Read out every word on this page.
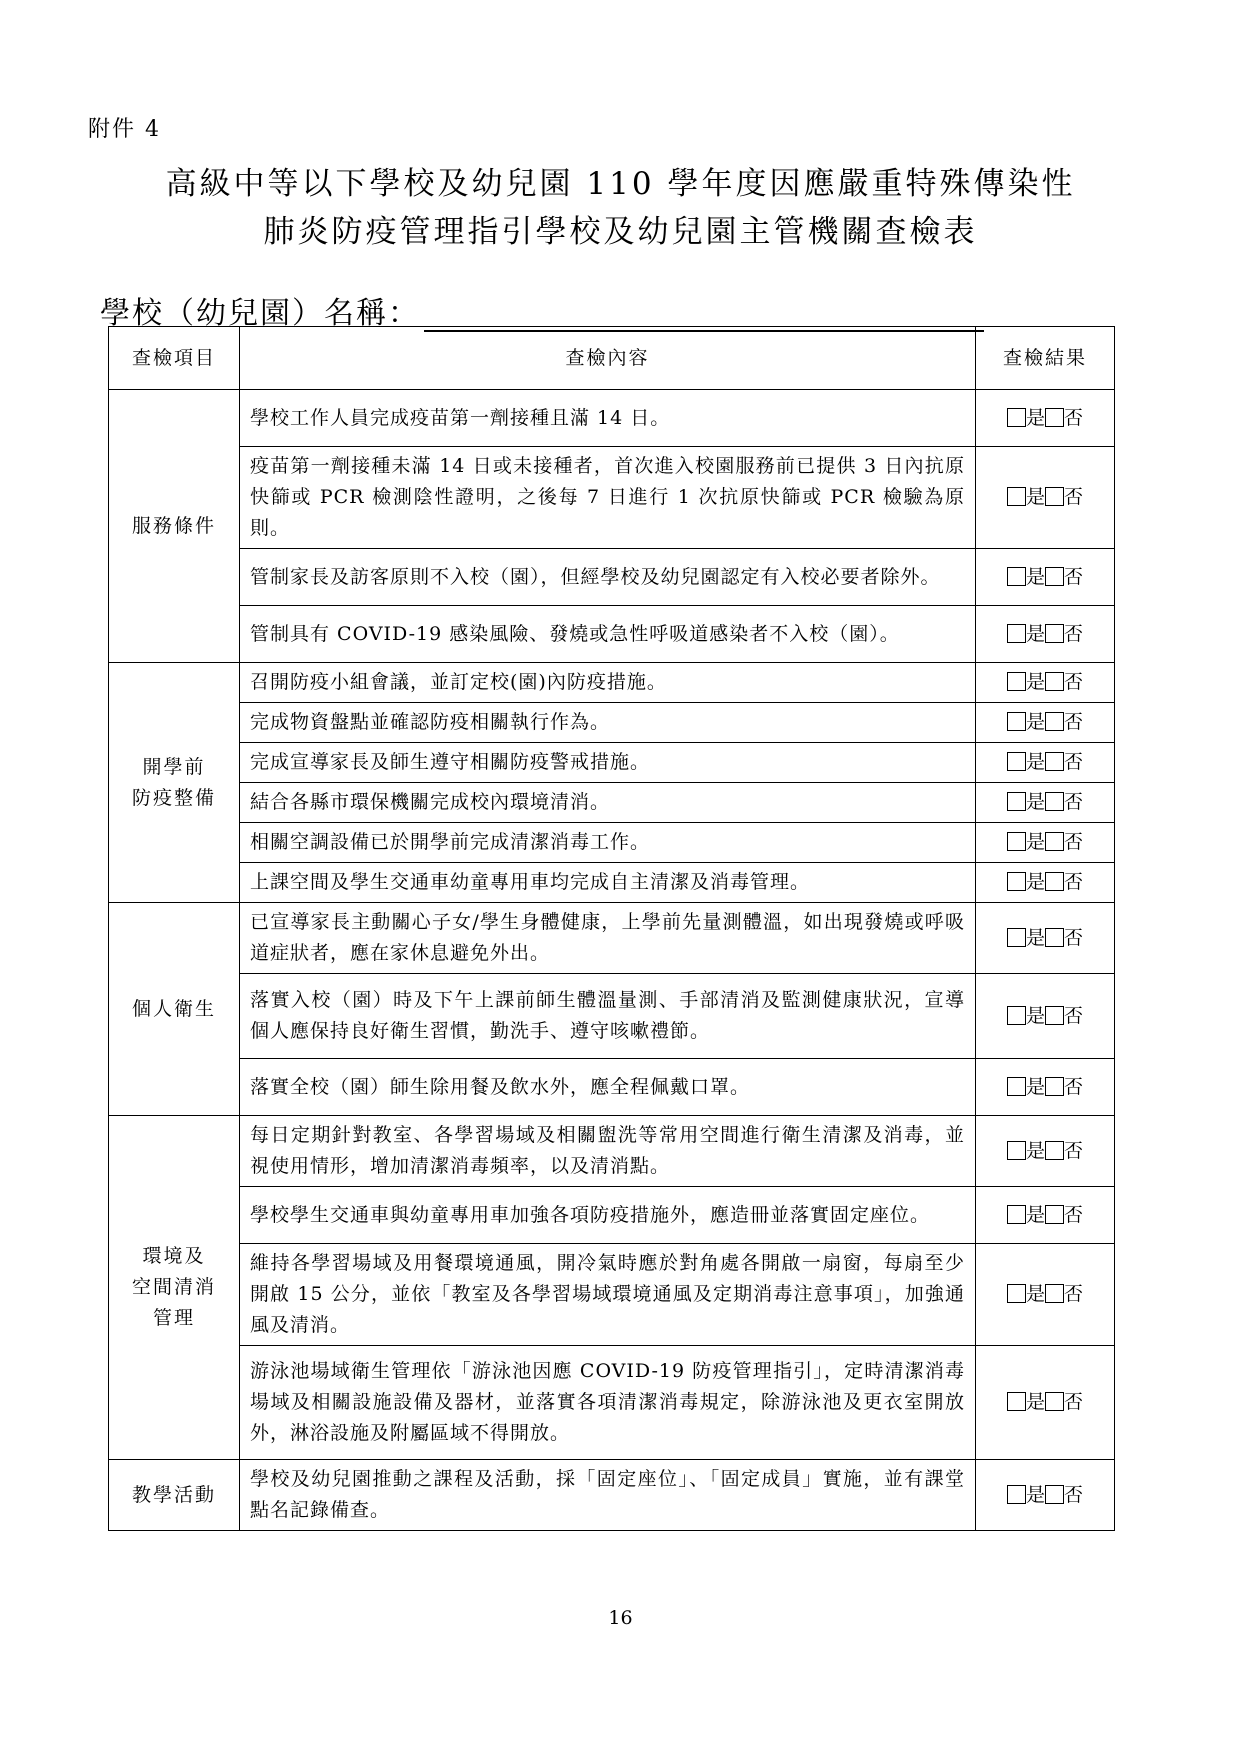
附件 4
高級中等以下學校及幼兒園 110 學年度因應嚴重特殊傳染性
肺炎防疫管理指引學校及幼兒園主管機關查檢表
學校（幼兒園）名稱：
查檢項目	查檢內容	查檢結果

服務條件	學校工作人員完成疫苗第一劑接種且滿 14 日。	是 否
	疫苗第一劑接種未滿 14 日或未接種者，首次進入校園服務前已提供 3 日內抗原快篩或 PCR 檢測陰性證明，之後每 7 日進行 1 次抗原快篩或 PCR 檢驗為原則。	是 否
	管制家長及訪客原則不入校（園），但經學校及幼兒園認定有入校必要者除外。	是 否
	管制具有 COVID-19 感染風險、發燒或急性呼吸道感染者不入校（園）。	是 否

開學前
防疫整備	召開防疫小組會議，並訂定校(園)內防疫措施。	是 否
	完成物資盤點並確認防疫相關執行作為。	是 否
	完成宣導家長及師生遵守相關防疫警戒措施。	是 否
	結合各縣市環保機關完成校內環境清消。	是 否
	相關空調設備已於開學前完成清潔消毒工作。	是 否
	上課空間及學生交通車幼童專用車均完成自主清潔及消毒管理。	是 否

個人衛生	已宣導家長主動關心子女/學生身體健康，上學前先量測體溫，如出現發燒或呼吸道症狀者，應在家休息避免外出。	是 否
	落實入校（園）時及下午上課前師生體溫量測、手部清消及監測健康狀況，宣導個人應保持良好衛生習慣，勤洗手、遵守咳嗽禮節。	是 否
	落實全校（園）師生除用餐及飲水外，應全程佩戴口罩。	是 否

環境及
空間清消
管理	每日定期針對教室、各學習場域及相關盥洗等常用空間進行衛生清潔及消毒，並視使用情形，增加清潔消毒頻率，以及清消點。	是 否
	學校學生交通車與幼童專用車加強各項防疫措施外，應造冊並落實固定座位。	是 否
	維持各學習場域及用餐環境通風，開冷氣時應於對角處各開啟一扇窗，每扇至少開啟 15 公分，並依「教室及各學習場域環境通風及定期消毒注意事項」，加強通風及清消。	是 否
	游泳池場域衛生管理依「游泳池因應 COVID-19 防疫管理指引」，定時清潔消毒場域及相關設施設備及器材，並落實各項清潔消毒規定，除游泳池及更衣室開放外，淋浴設施及附屬區域不得開放。	是 否

教學活動	學校及幼兒園推動之課程及活動，採「固定座位」、「固定成員」實施，並有課堂點名記錄備查。	是 否
16
